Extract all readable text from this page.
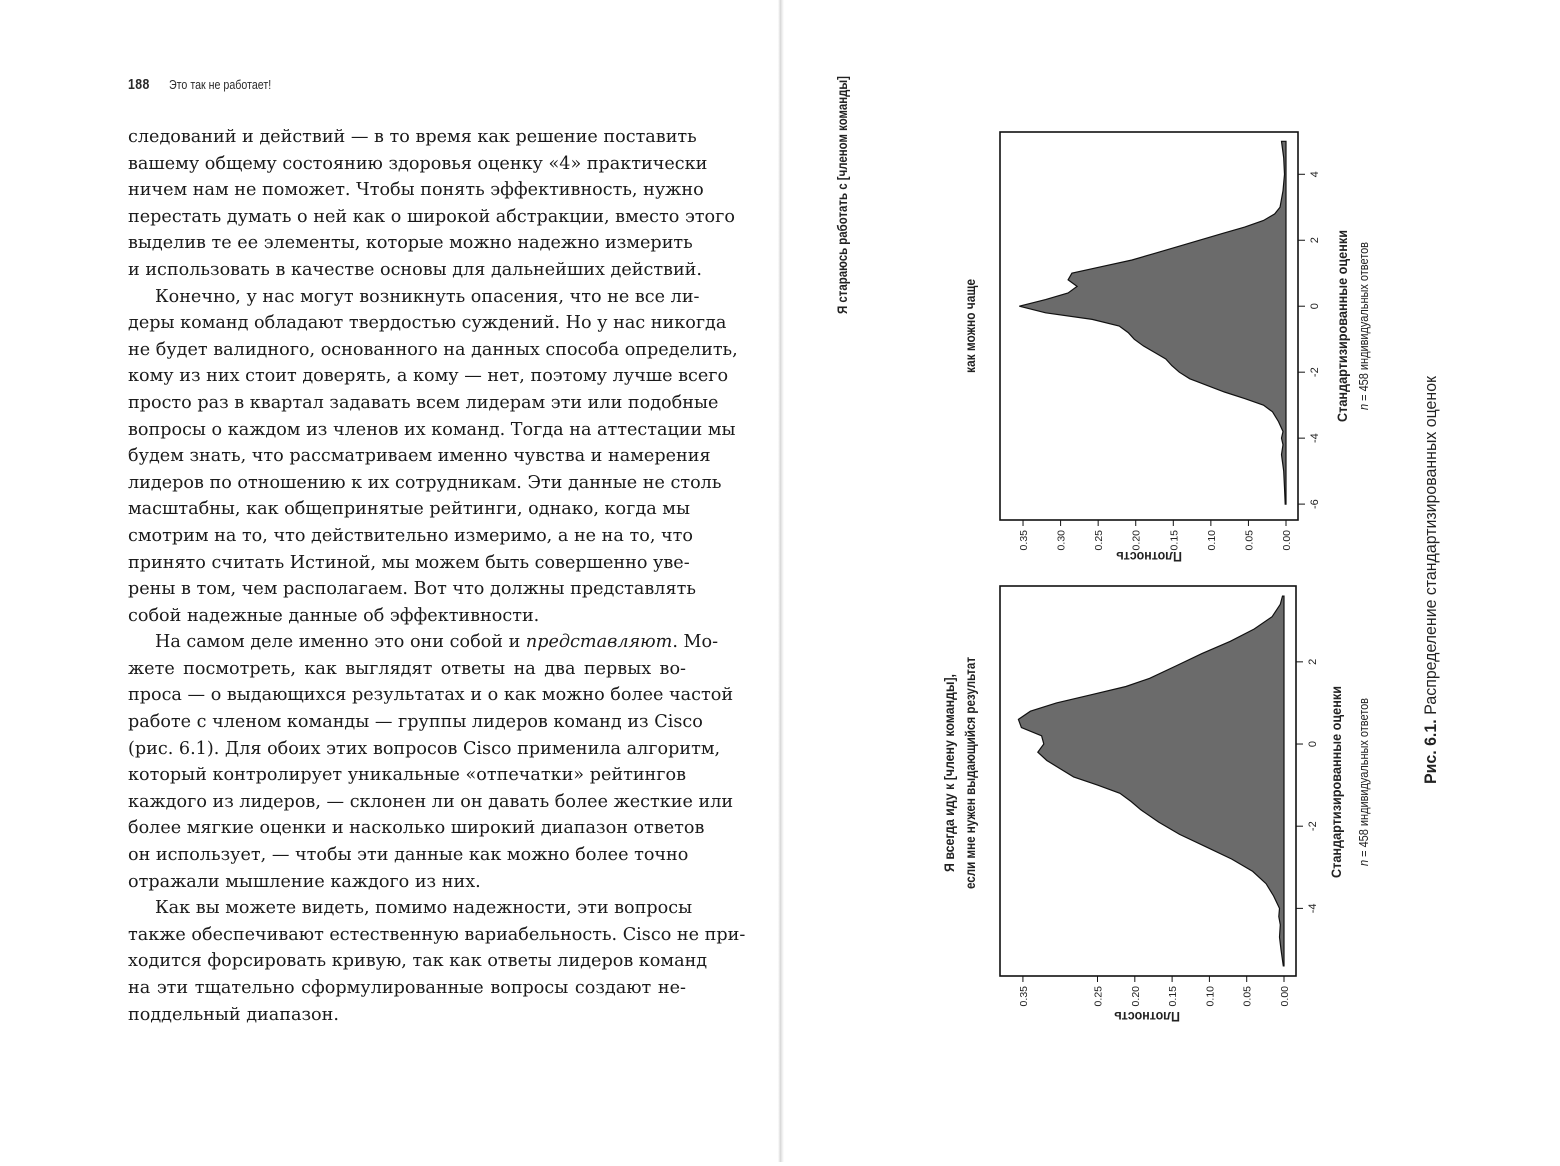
188 Это так не работает!

следований и действий — в то время как решение поставить
вашему общему состоянию здоровья оценку «4» практически
ничем нам не поможет. Чтобы понять эффективность, нужно
перестать думать о ней как о широкой абстракции, вместо этого
выделив те ее элементы, которые можно надежно измерить
и использовать в качестве основы для дальнейших действий.

Конечно, у нас могут возникнуть опасения, что не все ли-
деры команд обладают твердостью суждений. Но у нас никогда
не будет валидного, основанного на данных способа определить,
кому из них стоит доверять, а кому — нет, поэтому лучше всего
просто раз в квартал задавать всем лидерам эти или подобные
вопросы о каждом из членов их команд. Тогда на аттестации мы
будем знать, что рассматриваем именно чувства и намерения
лидеров по отношению к их сотрудникам. Эти данные не столь
масштабны, как общепринятые рейтинги, однако, когда мы
смотрим на то, что действительно измеримо, а не на то, что
принято считать Истиной, мы можем быть совершенно уве-
рены в том, чем располагаем. Вот что должны представлять
собой надежные данные об эффективности.

На самом деле именно это они собой и представляют. Мо-
жете посмотреть, как выглядят ответы на два первых во-
проса — о выдающихся результатах и о как можно более частой
работе с членом команды — группы лидеров команд из Cisco
(рис. 6.1). Для обоих этих вопросов Cisco применила алгоритм,
который контролирует уникальные «отпечатки» рейтингов
каждого из лидеров, — склонен ли он давать более жесткие или
более мягкие оценки и насколько широкий диапазон ответов
он использует, — чтобы эти данные как можно более точно
отражали мышление каждого из них.

Как вы можете видеть, помимо надежности, эти вопросы
также обеспечивают естественную вариабельность. Cisco не при-
ходится форсировать кривую, так как ответы лидеров команд
на эти тщательно сформулированные вопросы создают не-
поддельный диапазон.

-6
-4
-2
0
2
4
0.00
0.05
0.10
0.15
0.20
0.25
0.30
0.35
Я стараюсь работать с [членом команды]
как можно чаще	Стандартизированные оценки n = 458 индивидуальных ответов
Плотность
-4
-2
0
2
0.00
0.05
0.10
0.15
0.20
0.25
0.35
Я всегда иду к [члену команды], если мне нужен выдающийся результат	Стандартизированные оценки n = 458 индивидуальных ответов
Плотность
Рис. 6.1.Распределение стандартизированных оценок
